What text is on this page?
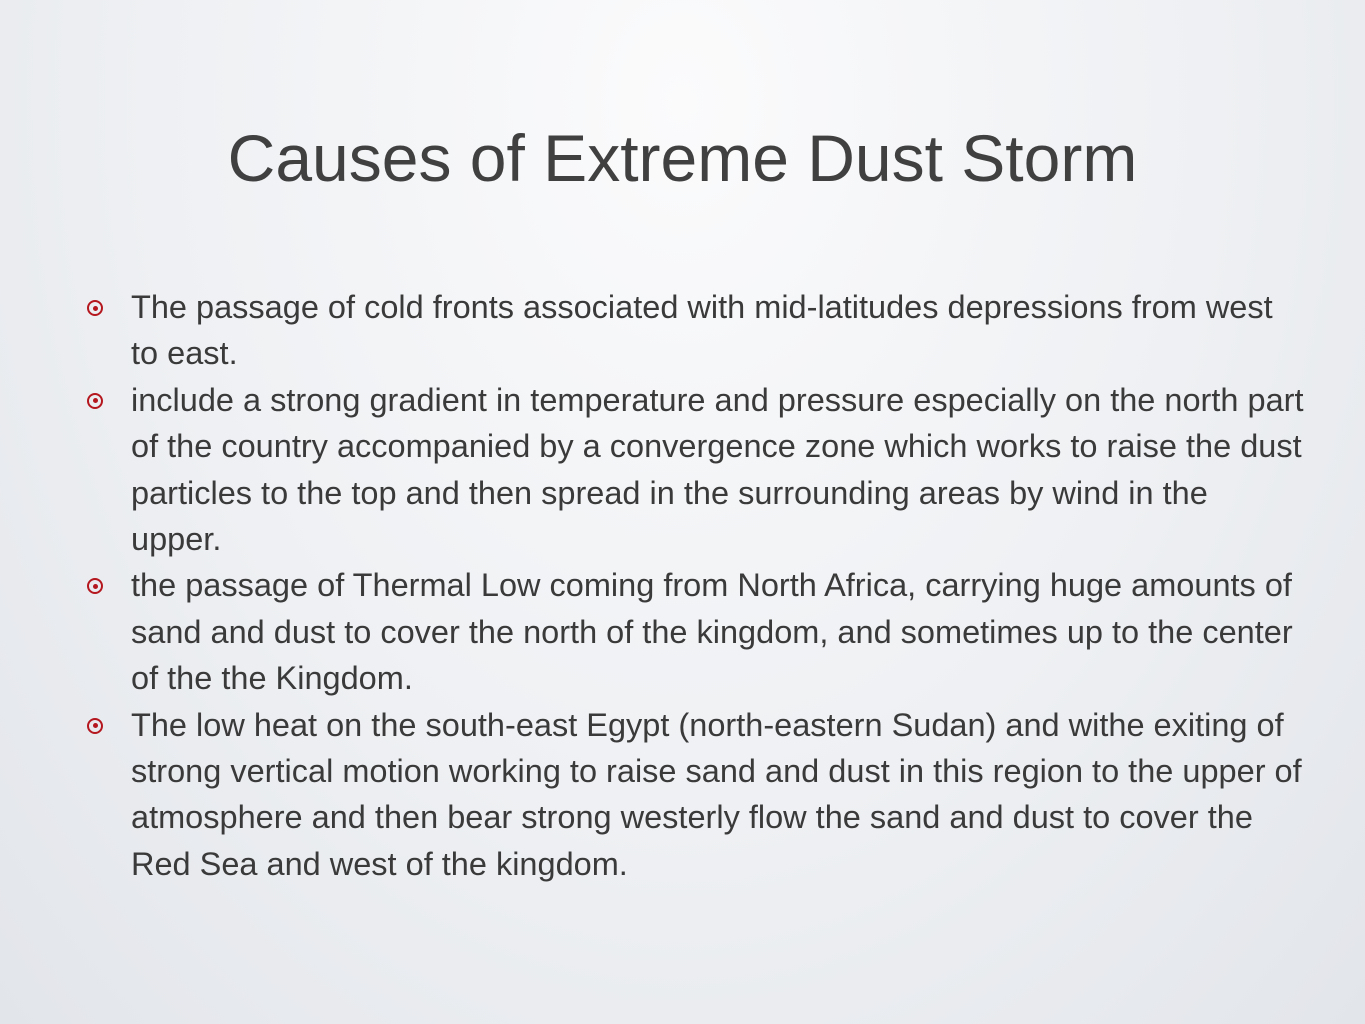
Causes of Extreme Dust Storm
The passage of cold fronts associated with mid-latitudes depressions from west to east.
include a strong gradient in temperature and pressure especially on the north part of the country accompanied by a convergence zone which works to raise the dust particles to the top and then spread in the surrounding areas by wind in the upper.
the passage of Thermal Low coming from North Africa, carrying huge amounts of sand and dust to cover the north of the kingdom, and sometimes up to the center of the the Kingdom.
The low heat on the south-east Egypt (north-eastern Sudan) and withe exiting of strong vertical motion working to raise sand and dust in this region to the upper of atmosphere and then bear strong westerly flow the sand and dust to cover the Red Sea and west of the kingdom.
